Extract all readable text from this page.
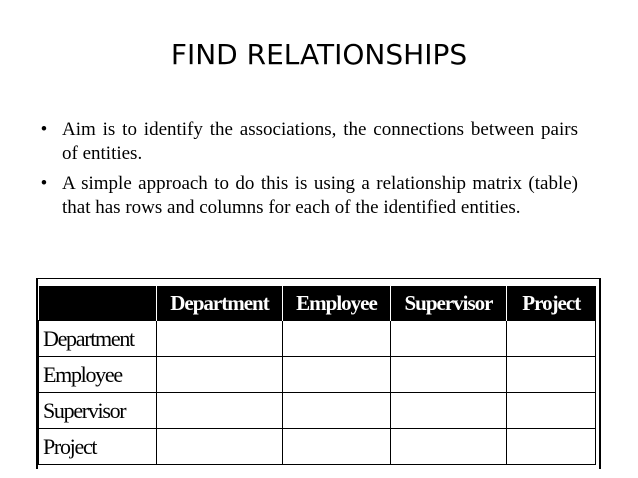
FIND RELATIONSHIPS
• Aim is to identify the associations, the connections between pairs of entities.
• A simple approach to do this is using a relationship matrix (table) that has rows and columns for each of the identified entities.
	Department	Employee	Supervisor	Project
Department				
Employee				
Supervisor				
Project				
